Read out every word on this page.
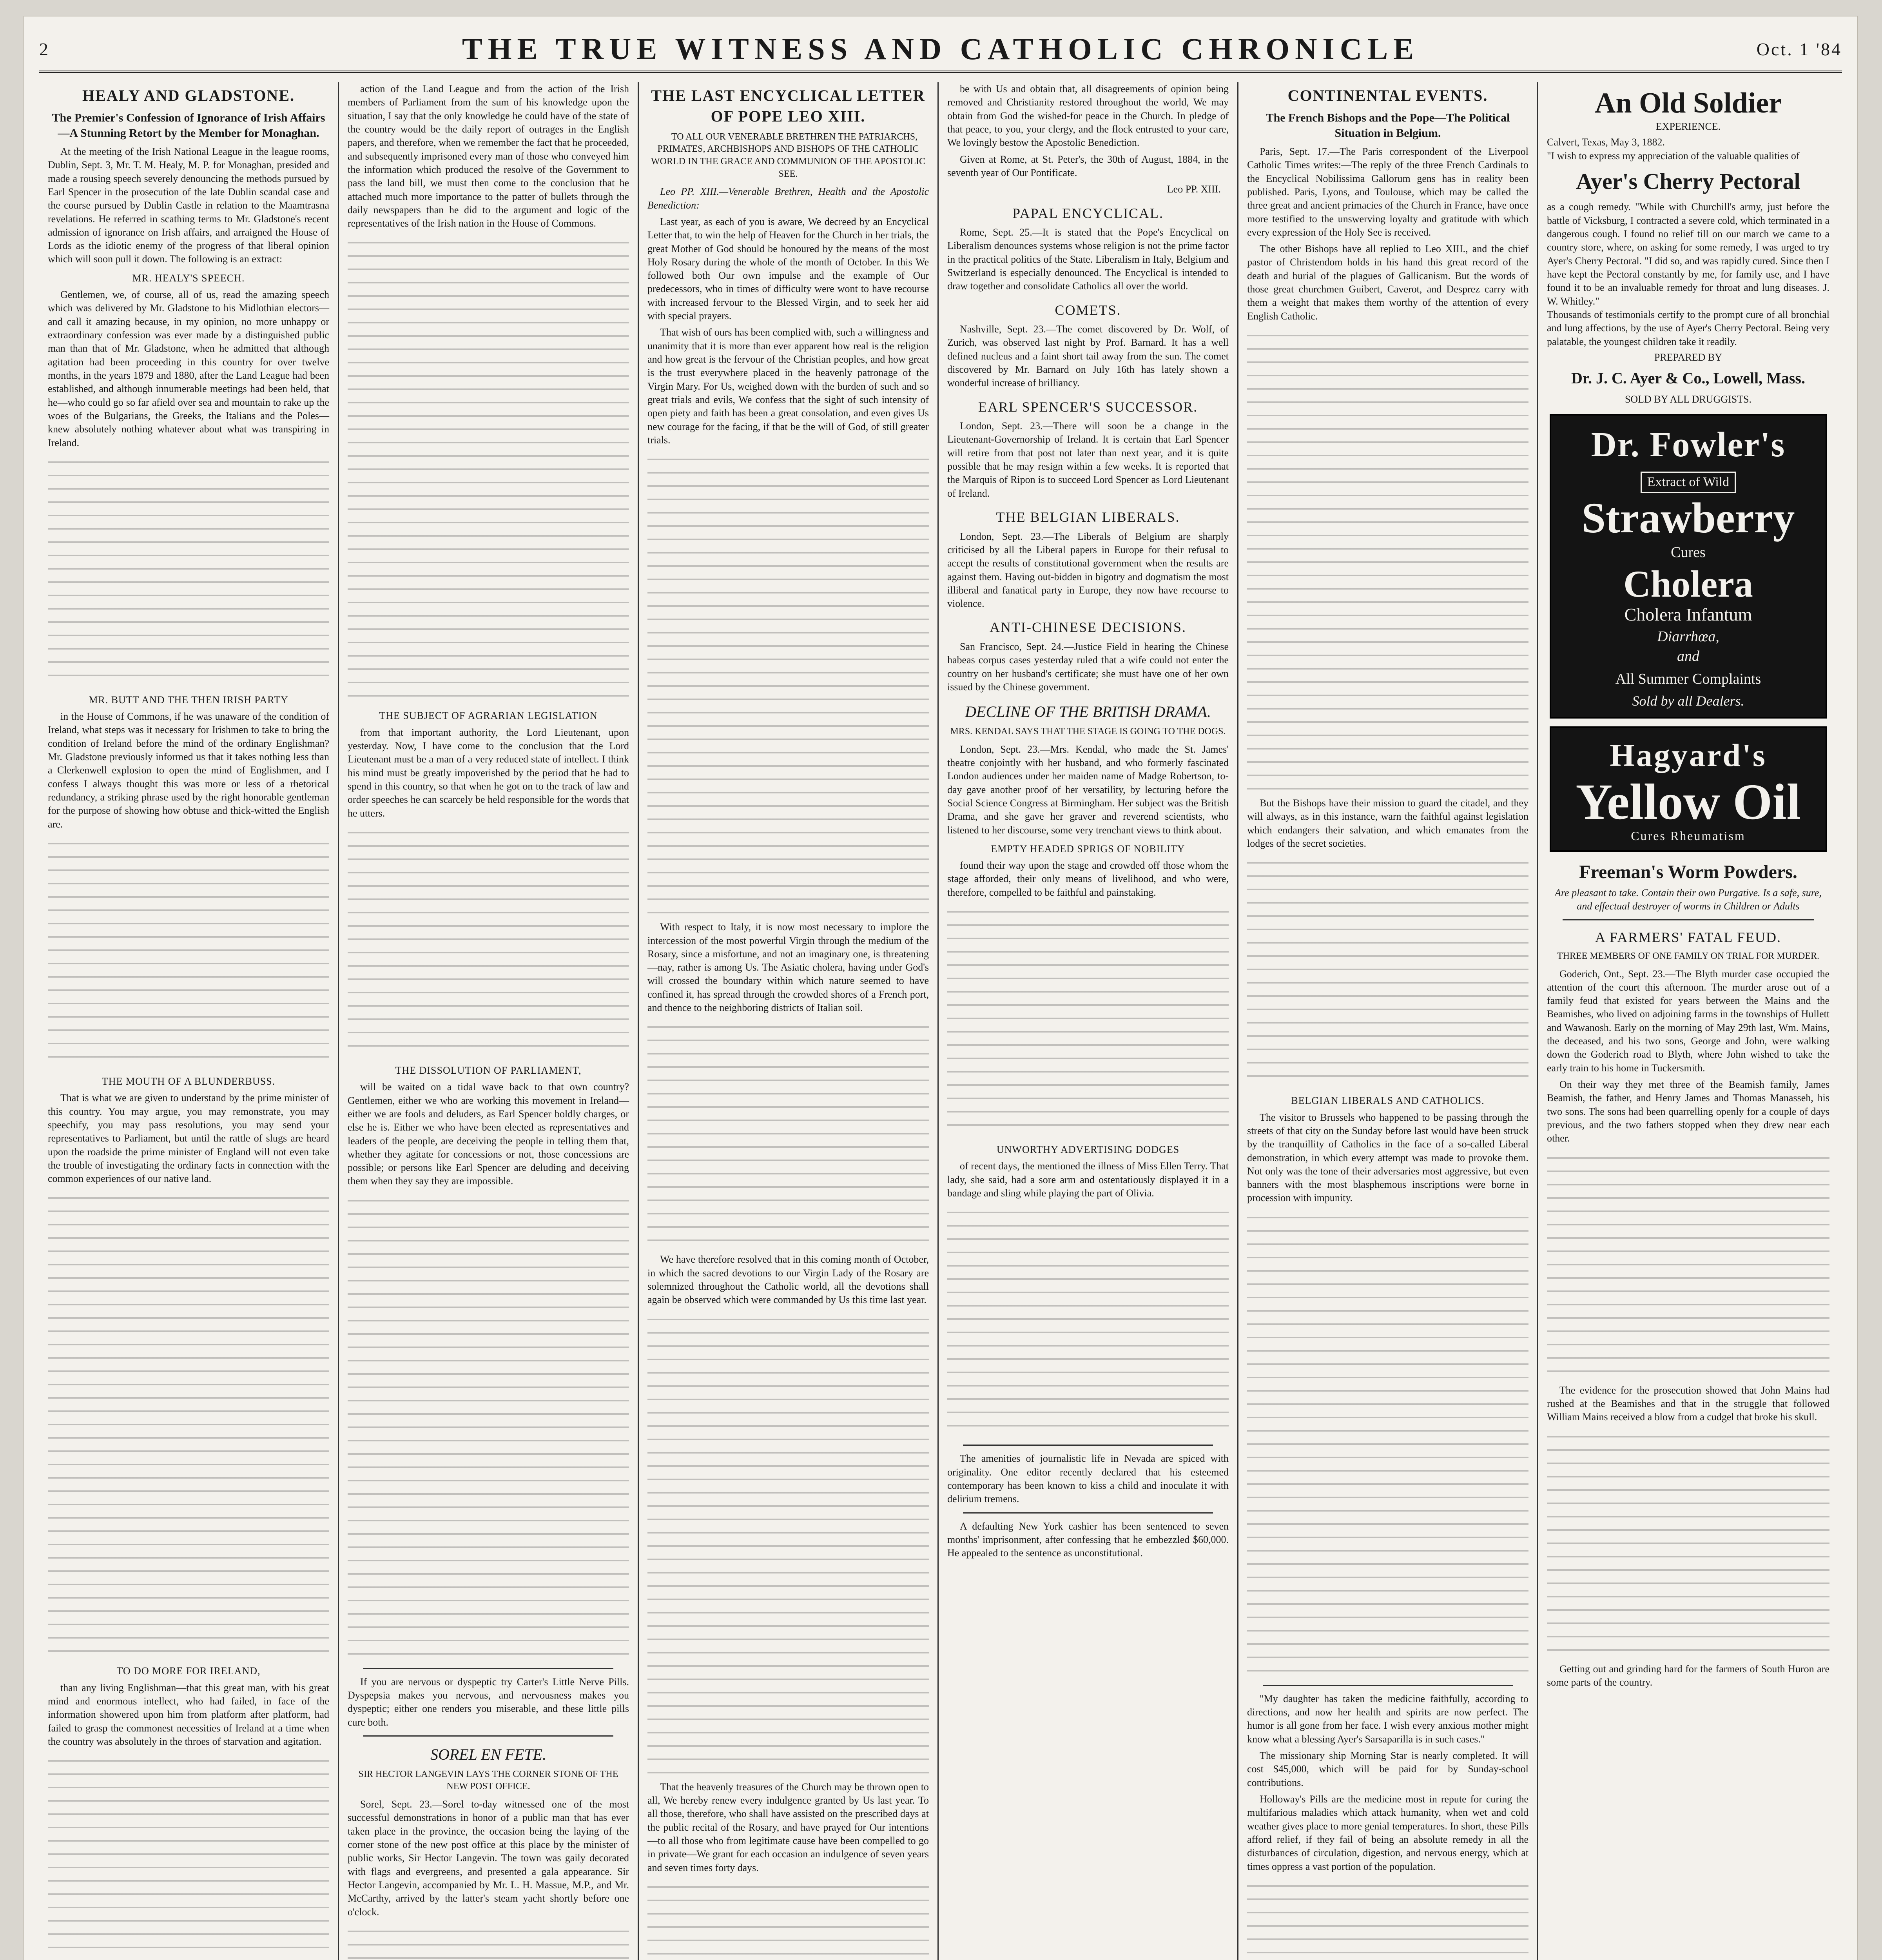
2	THE TRUE WITNESS AND CATHOLIC CHRONICLE	Oct. 1 '84
HEALY AND GLADSTONE.
The Premier's Confession of Ignorance of Irish Affairs—A Stunning Retort by the Member for Monaghan.

At the meeting of the Irish National League in the league rooms, Dublin, Sept. 3, Mr. T. M. Healy, M. P. for Monaghan, presided and made a rousing speech severely denouncing the methods pursued by Earl Spencer in the prosecution of the late Dublin scandal case and the course pursued by Dublin Castle in relation to the Maamtrasna revelations. He referred in scathing terms to Mr. Gladstone's recent admission of ignorance on Irish affairs, and arraigned the House of Lords as the idiotic enemy of the progress of that liberal opinion which will soon pull it down. The following is an extract:

MR. HEALY'S SPEECH.

Gentlemen, we, of course, all of us, read the amazing speech which was delivered by Mr. Gladstone to his Midlothian electors—and call it amazing because, in my opinion, no more unhappy or extraordinary confession was ever made by a distinguished public man than that of Mr. Gladstone, when he admitted that although agitation had been proceeding in this country for over twelve months, in the years 1879 and 1880, after the Land League had been established, and although innumerable meetings had been held, that he—who could go so far afield over sea and mountain to rake up the woes of the Bulgarians, the Greeks, the Italians and the Poles—knew absolutely nothing whatever about what was transpiring in Ireland.

MR. BUTT AND THE THEN IRISH PARTY

in the House of Commons, if he was unaware of the condition of Ireland, what steps was it necessary for Irishmen to take to bring the condition of Ireland before the mind of the ordinary Englishman? Mr. Gladstone previously informed us that it takes nothing less than a Clerkenwell explosion to open the mind of Englishmen, and I confess I always thought this was more or less of a rhetorical redundancy, a striking phrase used by the right honorable gentleman for the purpose of showing how obtuse and thick-witted the English are.

THE MOUTH OF A BLUNDERBUSS.

That is what we are given to understand by the prime minister of this country. You may argue, you may remonstrate, you may speechify, you may pass resolutions, you may send your representatives to Parliament, but until the rattle of slugs are heard upon the roadside the prime minister of England will not even take the trouble of investigating the ordinary facts in connection with the common experiences of our native land.

TO DO MORE FOR IRELAND,

than any living Englishman—that this great man, with his great mind and enormous intellect, who had failed, in face of the information showered upon him from platform after platform, had failed to grasp the commonest necessities of Ireland at a time when the country was absolutely in the throes of starvation and agitation.

action of the Land League and from the action of the Irish members of Parliament from the sum of his knowledge upon the situation, I say that the only knowledge he could have of the state of the country would be the daily report of outrages in the English papers, and therefore, when we remember the fact that he proceeded, and subsequently imprisoned every man of those who conveyed him the information which produced the resolve of the Government to pass the land bill, we must then come to the conclusion that he attached much more importance to the patter of bullets through the daily newspapers than he did to the argument and logic of the representatives of the Irish nation in the House of Commons.

THE SUBJECT OF AGRARIAN LEGISLATION

from that important authority, the Lord Lieutenant, upon yesterday. Now, I have come to the conclusion that the Lord Lieutenant must be a man of a very reduced state of intellect. I think his mind must be greatly impoverished by the period that he had to spend in this country, so that when he got on to the track of law and order speeches he can scarcely be held responsible for the words that he utters.

THE DISSOLUTION OF PARLIAMENT,

will be waited on a tidal wave back to that own country? Gentlemen, either we who are working this movement in Ireland—either we are fools and deluders, as Earl Spencer boldly charges, or else he is. Either we who have been elected as representatives and leaders of the people, are deceiving the people in telling them that, whether they agitate for concessions or not, those concessions are possible; or persons like Earl Spencer are deluding and deceiving them when they say they are impossible.

If you are nervous or dyspeptic try Carter's Little Nerve Pills. Dyspepsia makes you nervous, and nervousness makes you dyspeptic; either one renders you miserable, and these little pills cure both.

SOREL EN FETE.
SIR HECTOR LANGEVIN LAYS THE CORNER STONE OF THE NEW POST OFFICE.

Sorel, Sept. 23.—Sorel to-day witnessed one of the most successful demonstrations in honor of a public man that has ever taken place in the province, the occasion being the laying of the corner stone of the new post office at this place by the minister of public works, Sir Hector Langevin. The town was gaily decorated with flags and evergreens, and presented a gala appearance. Sir Hector Langevin, accompanied by Mr. L. H. Massue, M.P., and Mr. McCarthy, arrived by the latter's steam yacht shortly before one o'clock.

THE LAST ENCYCLICAL LETTER OF POPE LEO XIII.

TO ALL OUR VENERABLE BRETHREN THE PATRIARCHS, PRIMATES, ARCHBISHOPS AND BISHOPS OF THE CATHOLIC WORLD IN THE GRACE AND COMMUNION OF THE APOSTOLIC SEE.

Leo PP. XIII.—Venerable Brethren, Health and the Apostolic Benediction:

Last year, as each of you is aware, We decreed by an Encyclical Letter that, to win the help of Heaven for the Church in her trials, the great Mother of God should be honoured by the means of the most Holy Rosary during the whole of the month of October. In this We followed both Our own impulse and the example of Our predecessors, who in times of difficulty were wont to have recourse with increased fervour to the Blessed Virgin, and to seek her aid with special prayers.

That wish of ours has been complied with, such a willingness and unanimity that it is more than ever apparent how real is the religion and how great is the fervour of the Christian peoples, and how great is the trust everywhere placed in the heavenly patronage of the Virgin Mary. For Us, weighed down with the burden of such and so great trials and evils, We confess that the sight of such intensity of open piety and faith has been a great consolation, and even gives Us new courage for the facing, if that be the will of God, of still greater trials.

With respect to Italy, it is now most necessary to implore the intercession of the most powerful Virgin through the medium of the Rosary, since a misfortune, and not an imaginary one, is threatening—nay, rather is among Us. The Asiatic cholera, having under God's will crossed the boundary within which nature seemed to have confined it, has spread through the crowded shores of a French port, and thence to the neighboring districts of Italian soil.

We have therefore resolved that in this coming month of October, in which the sacred devotions to our Virgin Lady of the Rosary are solemnized throughout the Catholic world, all the devotions shall again be observed which were commanded by Us this time last year.

That the heavenly treasures of the Church may be thrown open to all, We hereby renew every indulgence granted by Us last year. To all those, therefore, who shall have assisted on the prescribed days at the public recital of the Rosary, and have prayed for Our intentions—to all those who from legitimate cause have been compelled to go in private—We grant for each occasion an indulgence of seven years and seven times forty days.

be with Us and obtain that, all disagreements of opinion being removed and Christianity restored throughout the world, We may obtain from God the wished-for peace in the Church. In pledge of that peace, to you, your clergy, and the flock entrusted to your care, We lovingly bestow the Apostolic Benediction.

Given at Rome, at St. Peter's, the 30th of August, 1884, in the seventh year of Our Pontificate.

Leo PP. XIII.
PAPAL ENCYCLICAL.

Rome, Sept. 25.—It is stated that the Pope's Encyclical on Liberalism denounces systems whose religion is not the prime factor in the practical politics of the State. Liberalism in Italy, Belgium and Switzerland is especially denounced. The Encyclical is intended to draw together and consolidate Catholics all over the world.

COMETS.

Nashville, Sept. 23.—The comet discovered by Dr. Wolf, of Zurich, was observed last night by Prof. Barnard. It has a well defined nucleus and a faint short tail away from the sun. The comet discovered by Mr. Barnard on July 16th has lately shown a wonderful increase of brilliancy.

EARL SPENCER'S SUCCESSOR.

London, Sept. 23.—There will soon be a change in the Lieutenant-Governorship of Ireland. It is certain that Earl Spencer will retire from that post not later than next year, and it is quite possible that he may resign within a few weeks. It is reported that the Marquis of Ripon is to succeed Lord Spencer as Lord Lieutenant of Ireland.

THE BELGIAN LIBERALS.

London, Sept. 23.—The Liberals of Belgium are sharply criticised by all the Liberal papers in Europe for their refusal to accept the results of constitutional government when the results are against them. Having out-bidden in bigotry and dogmatism the most illiberal and fanatical party in Europe, they now have recourse to violence.

ANTI-CHINESE DECISIONS.

San Francisco, Sept. 24.—Justice Field in hearing the Chinese habeas corpus cases yesterday ruled that a wife could not enter the country on her husband's certificate; she must have one of her own issued by the Chinese government.

DECLINE OF THE BRITISH DRAMA.
MRS. KENDAL SAYS THAT THE STAGE IS GOING TO THE DOGS.

London, Sept. 23.—Mrs. Kendal, who made the St. James' theatre conjointly with her husband, and who formerly fascinated London audiences under her maiden name of Madge Robertson, to-day gave another proof of her versatility, by lecturing before the Social Science Congress at Birmingham. Her subject was the British Drama, and she gave her graver and reverend scientists, who listened to her discourse, some very trenchant views to think about.

EMPTY HEADED SPRIGS OF NOBILITY

found their way upon the stage and crowded off those whom the stage afforded, their only means of livelihood, and who were, therefore, compelled to be faithful and painstaking.

UNWORTHY ADVERTISING DODGES

of recent days, the mentioned the illness of Miss Ellen Terry. That lady, she said, had a sore arm and ostentatiously displayed it in a bandage and sling while playing the part of Olivia.

The amenities of journalistic life in Nevada are spiced with originality. One editor recently declared that his esteemed contemporary has been known to kiss a child and inoculate it with delirium tremens.

A defaulting New York cashier has been sentenced to seven months' imprisonment, after confessing that he embezzled $60,000. He appealed to the sentence as unconstitutional.

CONTINENTAL EVENTS.
The French Bishops and the Pope—The Political Situation in Belgium.

Paris, Sept. 17.—The Paris correspondent of the Liverpool Catholic Times writes:—The reply of the three French Cardinals to the Encyclical Nobilissima Gallorum gens has in reality been published. Paris, Lyons, and Toulouse, which may be called the three great and ancient primacies of the Church in France, have once more testified to the unswerving loyalty and gratitude with which every expression of the Holy See is received.

The other Bishops have all replied to Leo XIII., and the chief pastor of Christendom holds in his hand this great record of the death and burial of the plagues of Gallicanism. But the words of those great churchmen Guibert, Caverot, and Desprez carry with them a weight that makes them worthy of the attention of every English Catholic.

But the Bishops have their mission to guard the citadel, and they will always, as in this instance, warn the faithful against legislation which endangers their salvation, and which emanates from the lodges of the secret societies.

BELGIAN LIBERALS AND CATHOLICS.

The visitor to Brussels who happened to be passing through the streets of that city on the Sunday before last would have been struck by the tranquillity of Catholics in the face of a so-called Liberal demonstration, in which every attempt was made to provoke them. Not only was the tone of their adversaries most aggressive, but even banners with the most blasphemous inscriptions were borne in procession with impunity.

"My daughter has taken the medicine faithfully, according to directions, and now her health and spirits are now perfect. The humor is all gone from her face. I wish every anxious mother might know what a blessing Ayer's Sarsaparilla is in such cases."

The missionary ship Morning Star is nearly completed. It will cost $45,000, which will be paid for by Sunday-school contributions.

Holloway's Pills are the medicine most in repute for curing the multifarious maladies which attack humanity, when wet and cold weather gives place to more genial temperatures. In short, these Pills afford relief, if they fail of being an absolute remedy in all the disturbances of circulation, digestion, and nervous energy, which at times oppress a vast portion of the population.

An Old Soldier
EXPERIENCE.
Calvert, Texas, May 3, 1882.
"I wish to express my appreciation of the valuable qualities of
Ayer's Cherry Pectoral
as a cough remedy. "While with Churchill's army, just before the battle of Vicksburg, I contracted a severe cold, which terminated in a dangerous cough. I found no relief till on our march we came to a country store, where, on asking for some remedy, I was urged to try Ayer's Cherry Pectoral. "I did so, and was rapidly cured. Since then I have kept the Pectoral constantly by me, for family use, and I have found it to be an invaluable remedy for throat and lung diseases. J. W. Whitley."
Thousands of testimonials certify to the prompt cure of all bronchial and lung affections, by the use of Ayer's Cherry Pectoral. Being very palatable, the youngest children take it readily.
PREPARED BY
Dr. J. C. Ayer & Co., Lowell, Mass.
SOLD BY ALL DRUGGISTS.
Dr. Fowler's
Extract of Wild
Strawberry
Cures
Cholera
Cholera Infantum
Diarrhœa,
and
All Summer Complaints
Sold by all Dealers.
Hagyard's
Yellow Oil
Cures Rheumatism
Freeman's Worm Powders.
Are pleasant to take. Contain their own Purgative. Is a safe, sure, and effectual destroyer of worms in Children or Adults
A FARMERS' FATAL FEUD.
THREE MEMBERS OF ONE FAMILY ON TRIAL FOR MURDER.

Goderich, Ont., Sept. 23.—The Blyth murder case occupied the attention of the court this afternoon. The murder arose out of a family feud that existed for years between the Mains and the Beamishes, who lived on adjoining farms in the townships of Hullett and Wawanosh. Early on the morning of May 29th last, Wm. Mains, the deceased, and his two sons, George and John, were walking down the Goderich road to Blyth, where John wished to take the early train to his home in Tuckersmith.

On their way they met three of the Beamish family, James Beamish, the father, and Henry James and Thomas Manasseh, his two sons. The sons had been quarrelling openly for a couple of days previous, and the two fathers stopped when they drew near each other.

The evidence for the prosecution showed that John Mains had rushed at the Beamishes and that in the struggle that followed William Mains received a blow from a cudgel that broke his skull.

Getting out and grinding hard for the farmers of South Huron are some parts of the country.
